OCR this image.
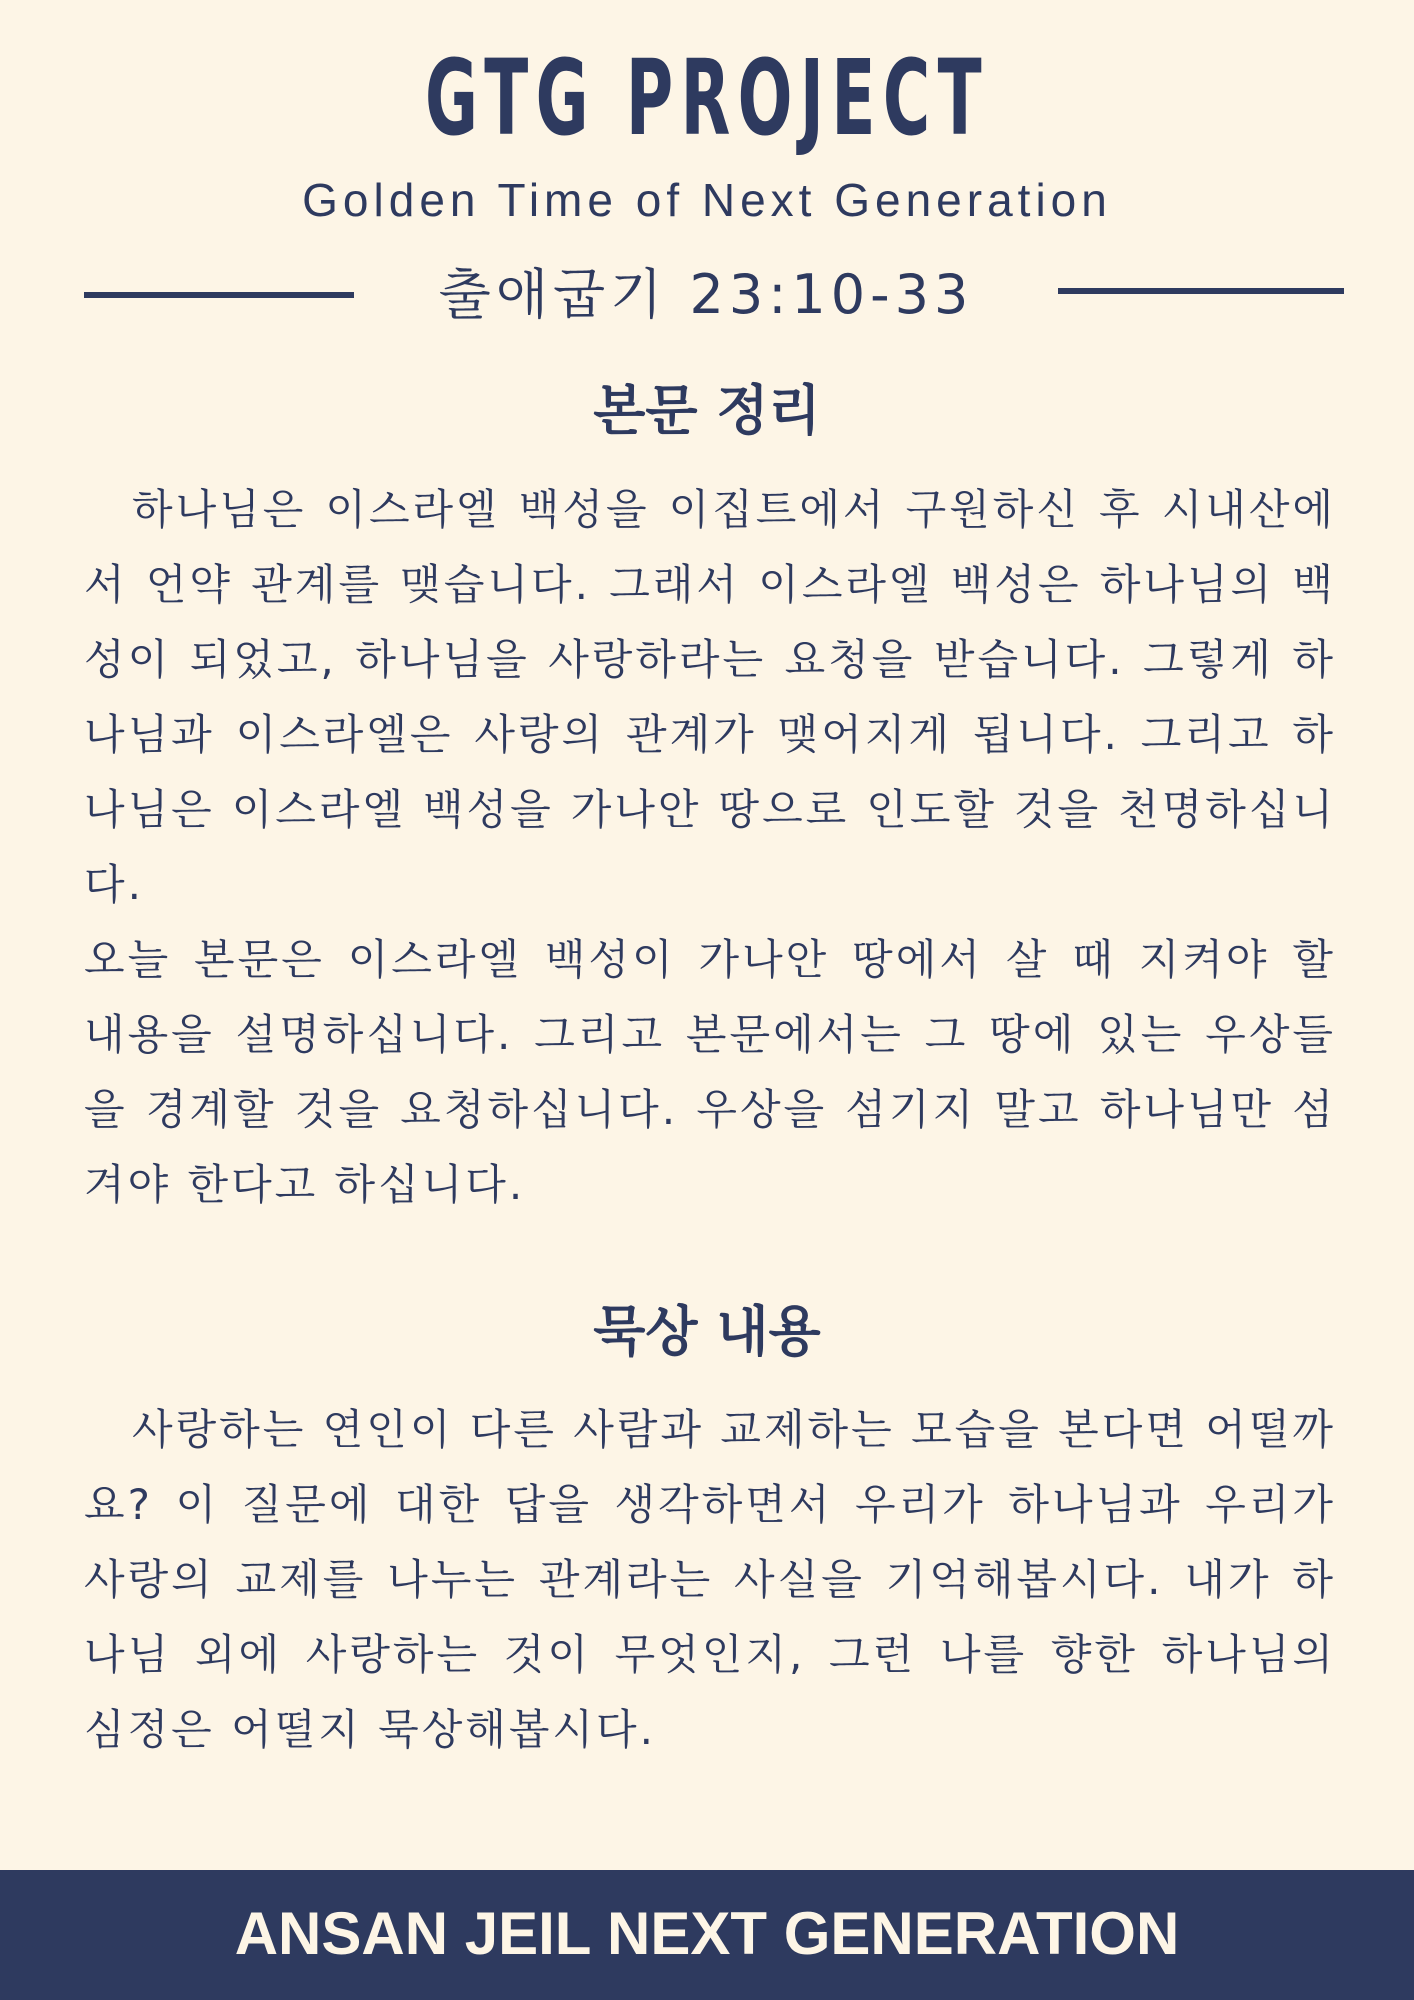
GTG PROJECT
Golden Time of Next Generation
출애굽기 23:10-33
본문 정리

하나님은 이스라엘 백성을 이집트에서 구원하신 후 시내산에서 언약 관계를 맺습니다. 그래서 이스라엘 백성은 하나님의 백성이 되었고, 하나님을 사랑하라는 요청을 받습니다. 그렇게 하나님과 이스라엘은 사랑의 관계가 맺어지게 됩니다. 그리고 하나님은 이스라엘 백성을 가나안 땅으로 인도할 것을 천명하십니다.

오늘 본문은 이스라엘 백성이 가나안 땅에서 살 때 지켜야 할 내용을 설명하십니다. 그리고 본문에서는 그 땅에 있는 우상들을 경계할 것을 요청하십니다. 우상을 섬기지 말고 하나님만 섬겨야 한다고 하십니다.

묵상 내용

사랑하는 연인이 다른 사람과 교제하는 모습을 본다면 어떨까요? 이 질문에 대한 답을 생각하면서 우리가 하나님과 우리가 사랑의 교제를 나누는 관계라는 사실을 기억해봅시다. 내가 하나님 외에 사랑하는 것이 무엇인지, 그런 나를 향한 하나님의 심정은 어떨지 묵상해봅시다.

ANSAN JEIL NEXT GENERATION
